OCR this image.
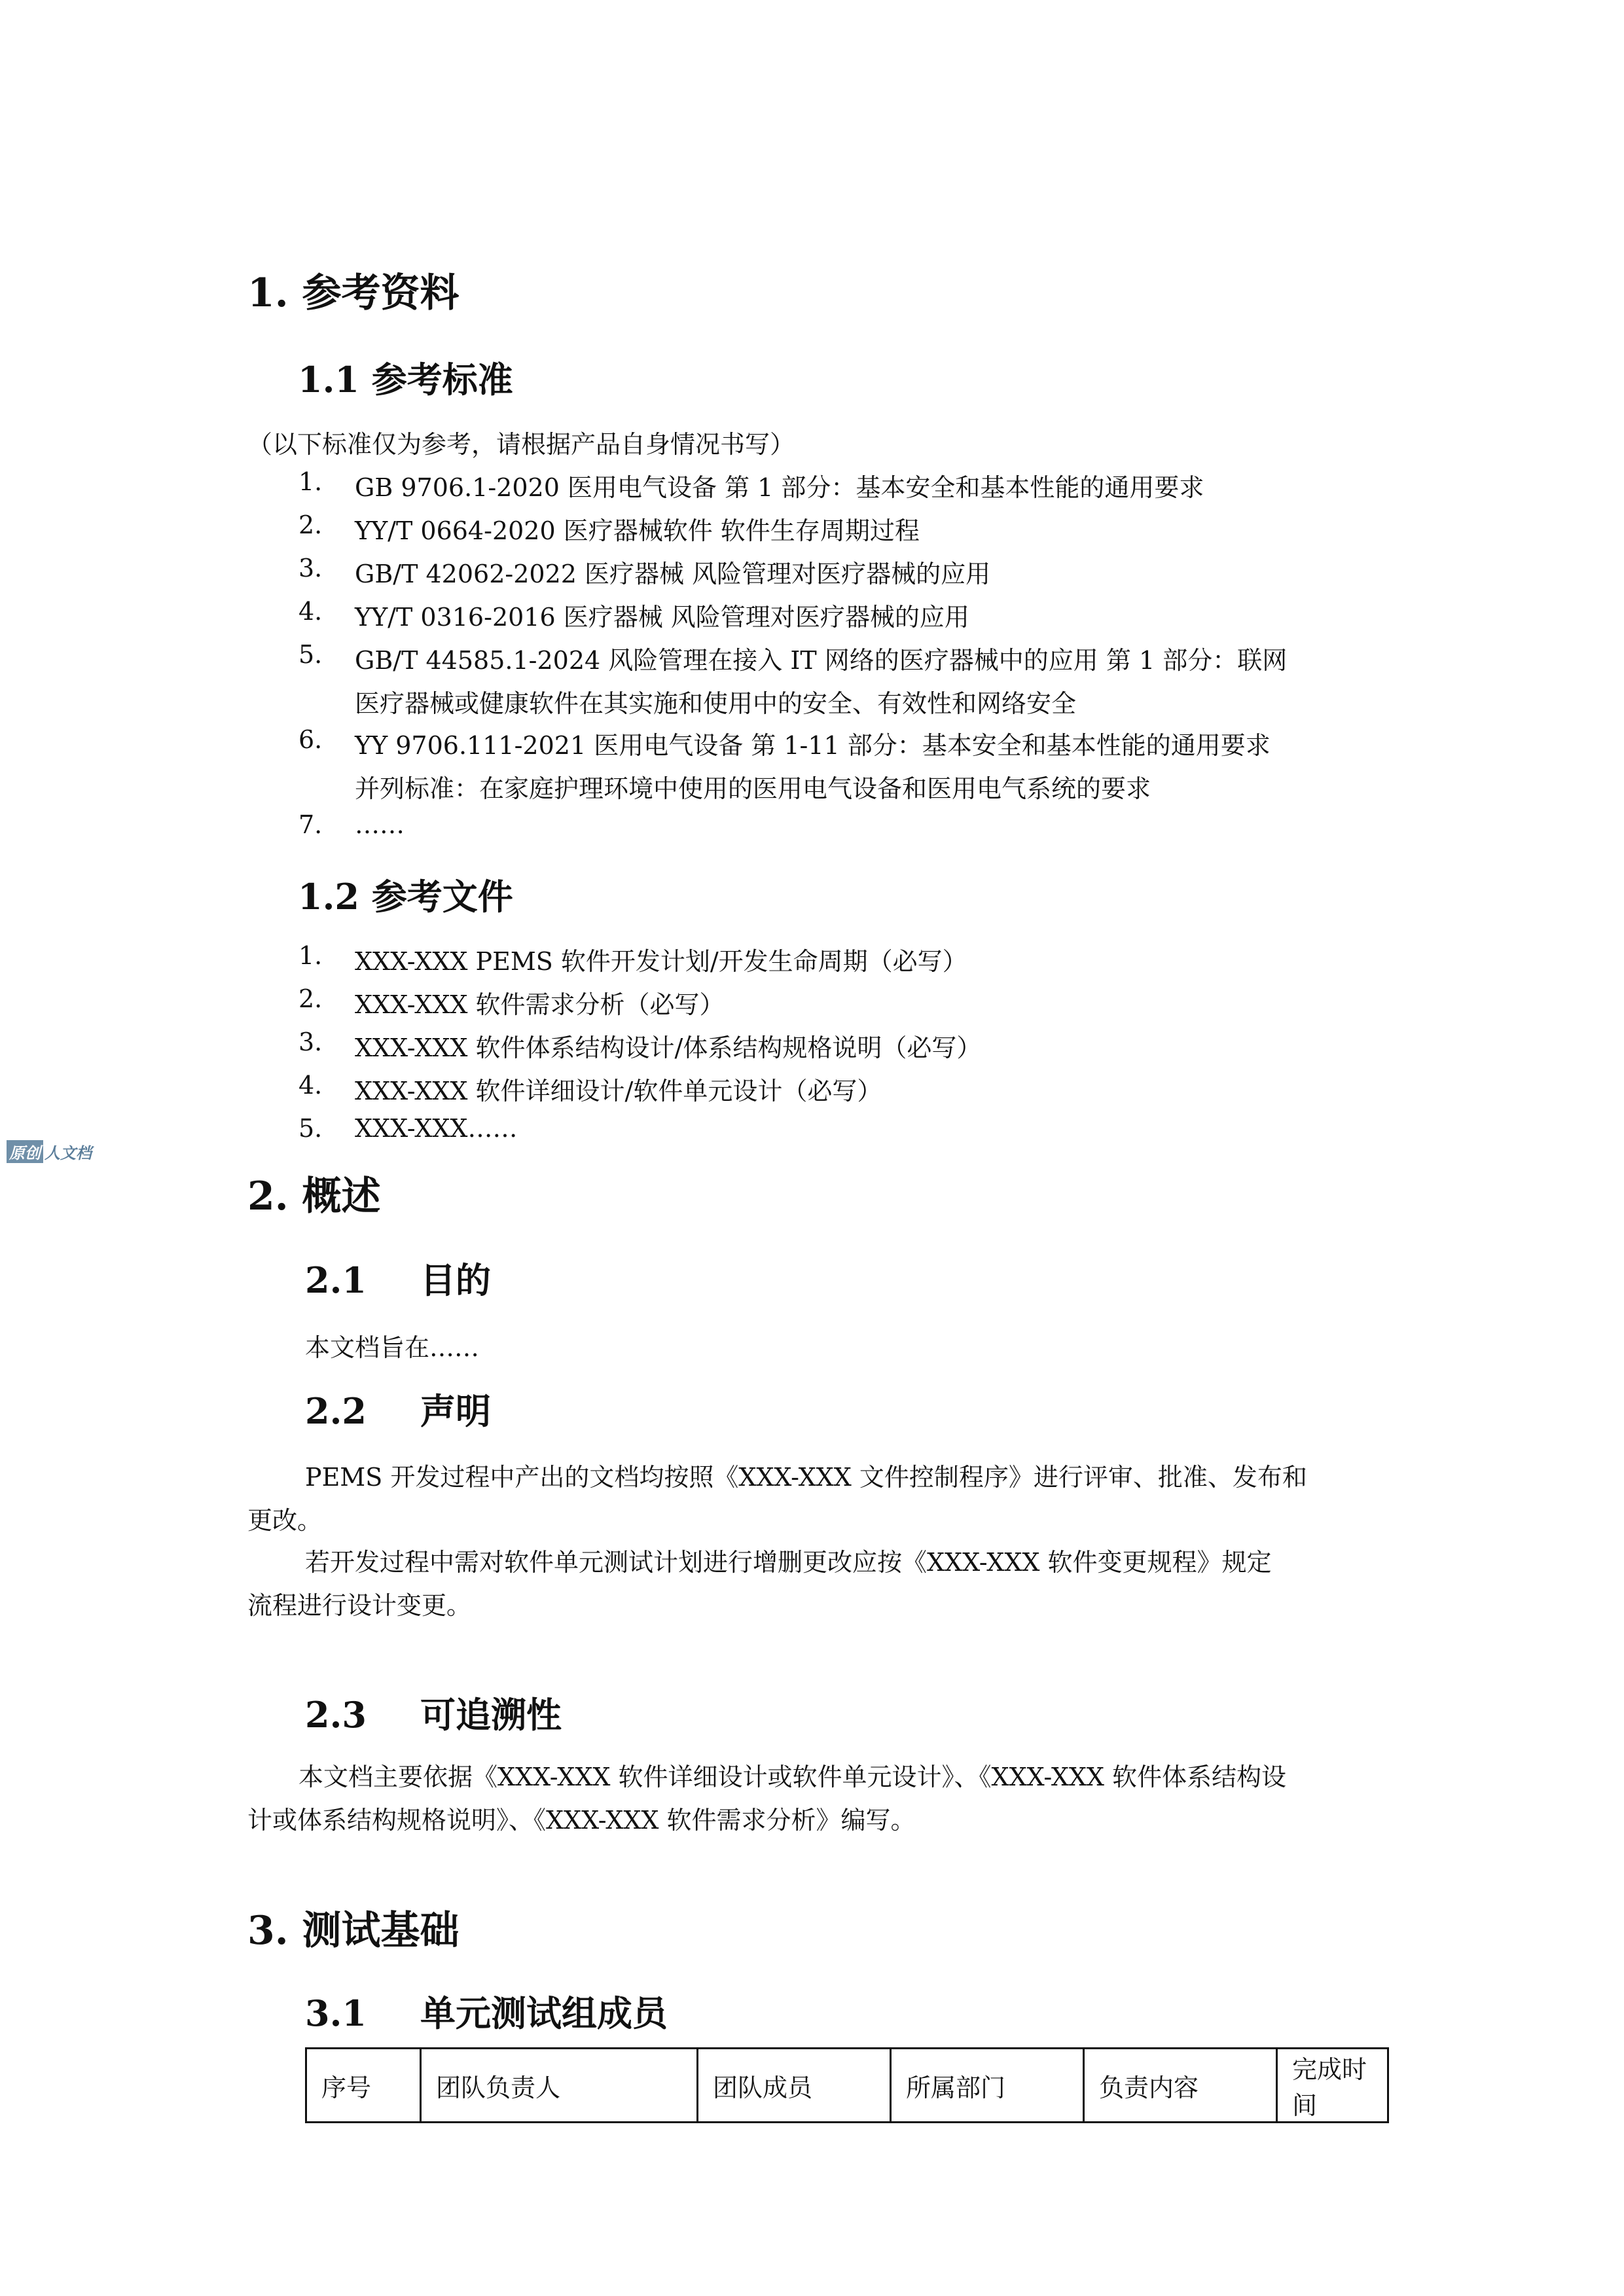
原创 人文档
1. 参考资料
1.1 参考标准
（以下标准仅为参考，请根据产品自身情况书写）
1. GB 9706.1-2020 医用电气设备 第 1 部分：基本安全和基本性能的通用要求
2. YY/T 0664-2020 医疗器械软件 软件生存周期过程
3. GB/T 42062-2022 医疗器械 风险管理对医疗器械的应用
4. YY/T 0316-2016 医疗器械 风险管理对医疗器械的应用
5. GB/T 44585.1-2024 风险管理在接入 IT 网络的医疗器械中的应用 第 1 部分：联网
医疗器械或健康软件在其实施和使用中的安全、有效性和网络安全
6. YY 9706.111-2021 医用电气设备 第 1-11 部分：基本安全和基本性能的通用要求
并列标准：在家庭护理环境中使用的医用电气设备和医用电气系统的要求
7. ……
1.2 参考文件
1. XXX-XXX PEMS 软件开发计划/开发生命周期（必写）
2. XXX-XXX 软件需求分析（必写）
3. XXX-XXX 软件体系结构设计/体系结构规格说明（必写）
4. XXX-XXX 软件详细设计/软件单元设计（必写）
5. XXX-XXX……
2. 概述
2.1 目的
本文档旨在……
2.2 声明
PEMS 开发过程中产出的文档均按照《XXX-XXX 文件控制程序》进行评审、批准、发布和
更改。
若开发过程中需对软件单元测试计划进行增删更改应按《XXX-XXX 软件变更规程》规定
流程进行设计变更。
2.3 可追溯性
本文档主要依据《XXX-XXX 软件详细设计或软件单元设计》、《XXX-XXX 软件体系结构设
计或体系结构规格说明》、《XXX-XXX 软件需求分析》编写。
3. 测试基础
3.1 单元测试组成员
序号	团队负责人	团队成员	所属部门	负责内容	完成时间
